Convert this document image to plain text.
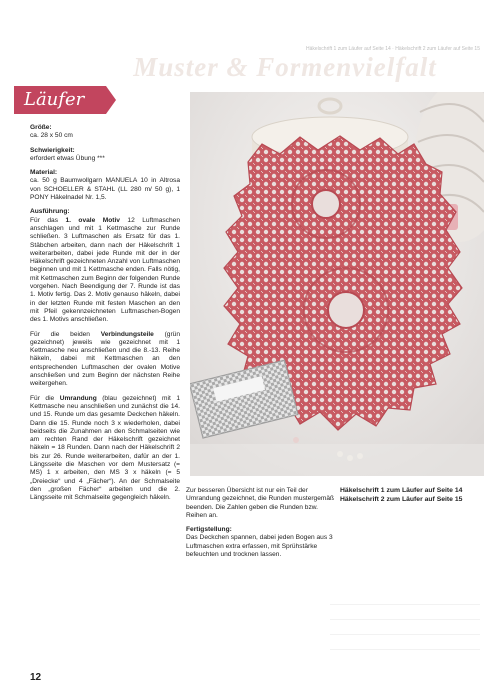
Häkelschrift 1 zum Läufer auf Seite 14 · Häkelschrift 2 zum Läufer auf Seite 15
Muster & Formenvielfalt
Läufer
Größe:
ca. 28 x 50 cm
Schwierigkeit:
erfordert etwas Übung ***
Material:
ca. 50 g Baumwollgarn MANUELA 10 in Altrosa von SCHOELLER & STAHL (LL 280 m/ 50 g), 1 PONY Häkelnadel Nr. 1,5.
Ausführung:
Für das 1. ovale Motiv 12 Luftmaschen anschlagen und mit 1 Kettmasche zur Runde schließen. 3 Luftmaschen als Ersatz für das 1. Stäbchen arbeiten, dann nach der Häkelschrift 1 weiterarbeiten, dabei jede Runde mit der in der Häkelschrift gezeichneten Anzahl von Luftmaschen beginnen und mit 1 Kettmasche enden. Falls nötig, mit Kettmaschen zum Beginn der folgenden Runde vorgehen. Nach Beendigung der 7. Runde ist das 1. Motiv fertig. Das 2. Motiv genauso häkeln, dabei in der letzten Runde mit festen Maschen an den mit Pfeil gekennzeichneten Luftmaschen-Bogen des 1. Motivs anschließen.
Für die beiden Verbindungsteile (grün gezeichnet) jeweils wie gezeichnet mit 1 Kettmasche neu anschließen und die 8.-13. Reihe häkeln, dabei mit Kettmaschen an den entsprechenden Luftmaschen der ovalen Motive anschließen und zum Beginn der nächsten Reihe weitergehen.
Für die Umrandung (blau gezeichnet) mit 1 Kettmasche neu anschließen und zunächst die 14. und 15. Runde um das gesamte Deckchen häkeln. Dann die 15. Runde noch 3 x wiederholen, dabei beidseits die Zunahmen an den Schmalseiten wie am rechten Rand der Häkelschrift gezeichnet häkeln = 18 Runden. Dann nach der Häkelschrift 2 bis zur 26. Runde weiterarbeiten, dafür an der 1. Längsseite die Maschen vor dem Mustersatz (= MS) 1 x arbeiten, den MS 3 x häkeln (= 5 „Dreiecke“ und 4 „Fächer“). An der Schmalseite den „großen Fächer“ arbeiten und die 2. Längsseite mit Schmalseite gegengleich häkeln.
Zur besseren Übersicht ist nur ein Teil der Umrandung gezeichnet, die Runden mustergemäß beenden. Die Zahlen geben die Runden bzw. Reihen an.
Fertigstellung:
Das Deckchen spannen, dabei jeden Bogen aus 3 Luftmaschen extra erfassen, mit Sprühstärke befeuchten und trocknen lassen.
Häkelschrift 1 zum Läufer auf Seite 14
Häkelschrift 2 zum Läufer auf Seite 15
12
